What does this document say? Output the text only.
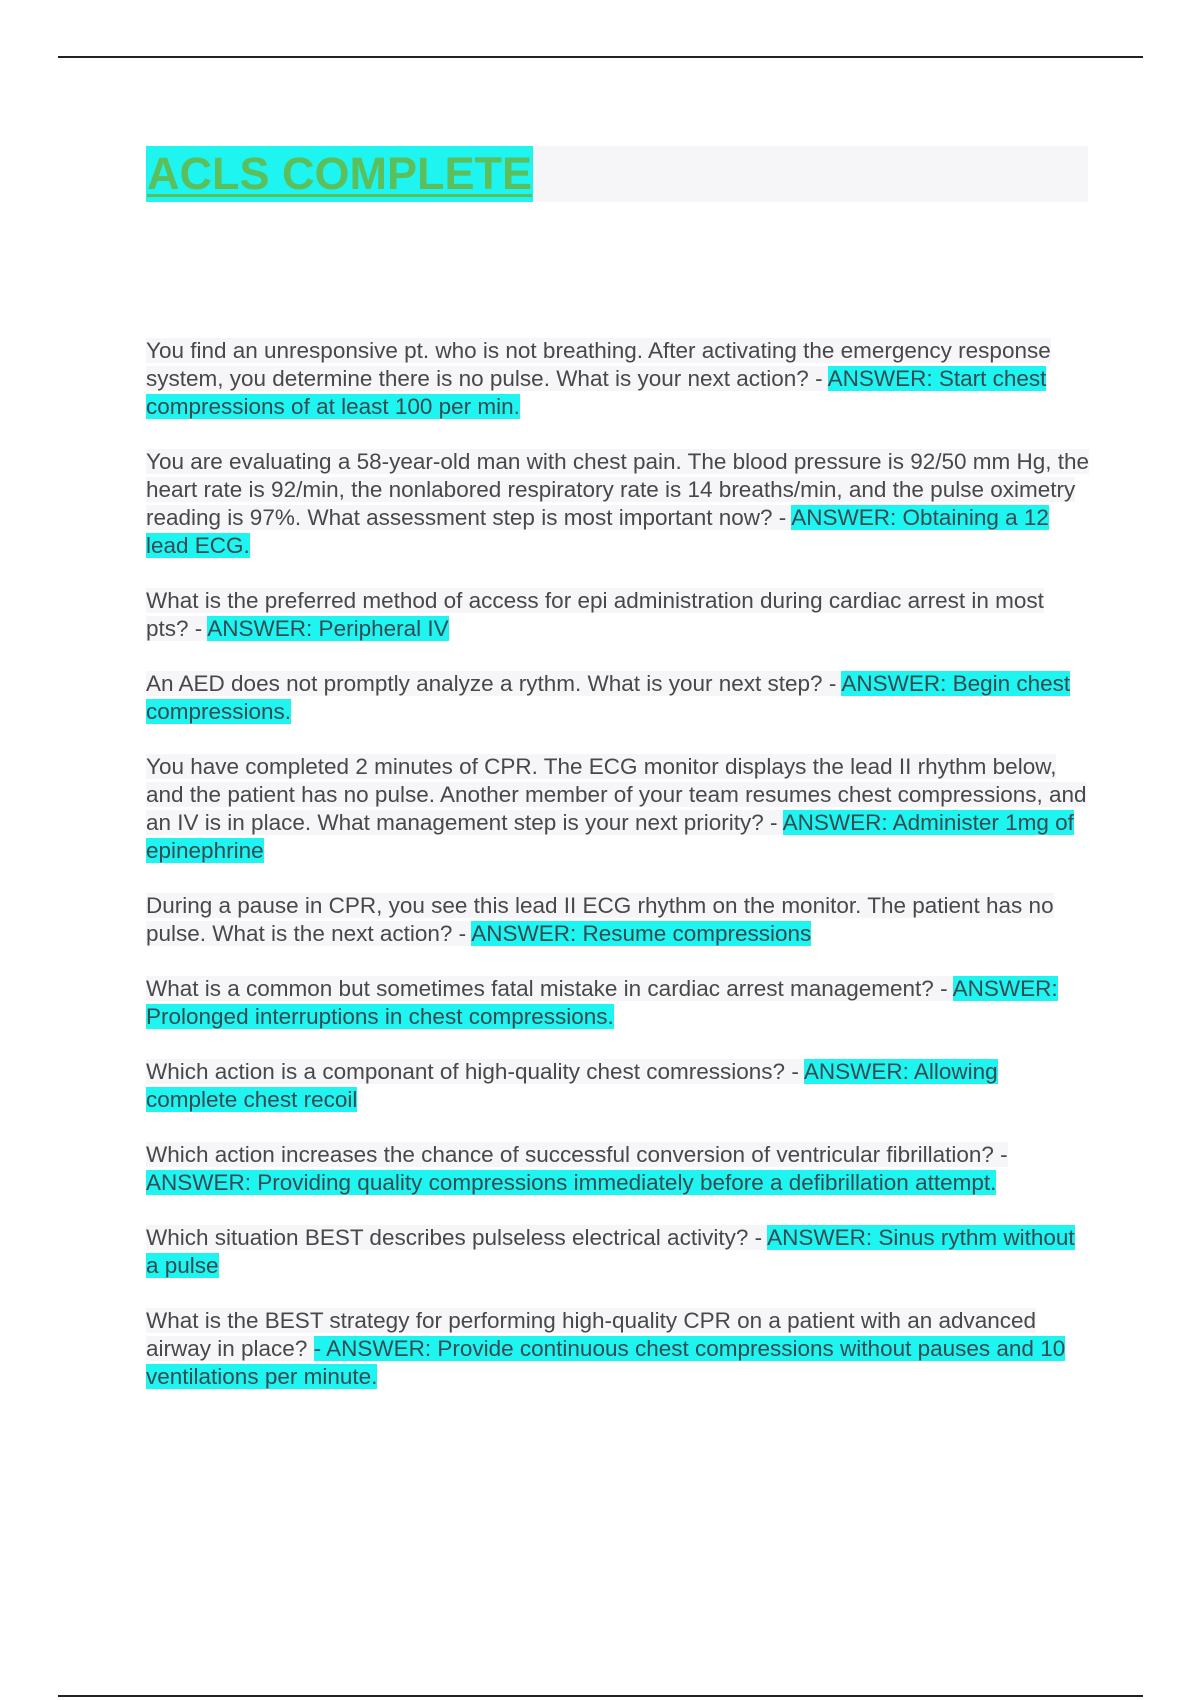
ACLS COMPLETE

You find an unresponsive pt. who is not breathing. After activating the emergency response system, you determine there is no pulse. What is your next action? - ANSWER: Start chest compressions of at least 100 per min.

You are evaluating a 58-year-old man with chest pain. The blood pressure is 92/50 mm Hg, the heart rate is 92/min, the nonlabored respiratory rate is 14 breaths/min, and the pulse oximetry reading is 97%. What assessment step is most important now? - ANSWER: Obtaining a 12 lead ECG.

What is the preferred method of access for epi administration during cardiac arrest in most pts? - ANSWER: Peripheral IV

An AED does not promptly analyze a rythm. What is your next step? - ANSWER: Begin chest compressions.

You have completed 2 minutes of CPR. The ECG monitor displays the lead II rhythm below, and the patient has no pulse. Another member of your team resumes chest compressions, and an IV is in place. What management step is your next priority? - ANSWER: Administer 1mg of epinephrine

During a pause in CPR, you see this lead II ECG rhythm on the monitor. The patient has no pulse. What is the next action? - ANSWER: Resume compressions

What is a common but sometimes fatal mistake in cardiac arrest management? - ANSWER: Prolonged interruptions in chest compressions.

Which action is a componant of high-quality chest comressions? - ANSWER: Allowing complete chest recoil

Which action increases the chance of successful conversion of ventricular fibrillation? - ANSWER: Providing quality compressions immediately before a defibrillation attempt.

Which situation BEST describes pulseless electrical activity? - ANSWER: Sinus rythm without a pulse

What is the BEST strategy for performing high-quality CPR on a patient with an advanced airway in place? - ANSWER: Provide continuous chest compressions without pauses and 10 ventilations per minute.
